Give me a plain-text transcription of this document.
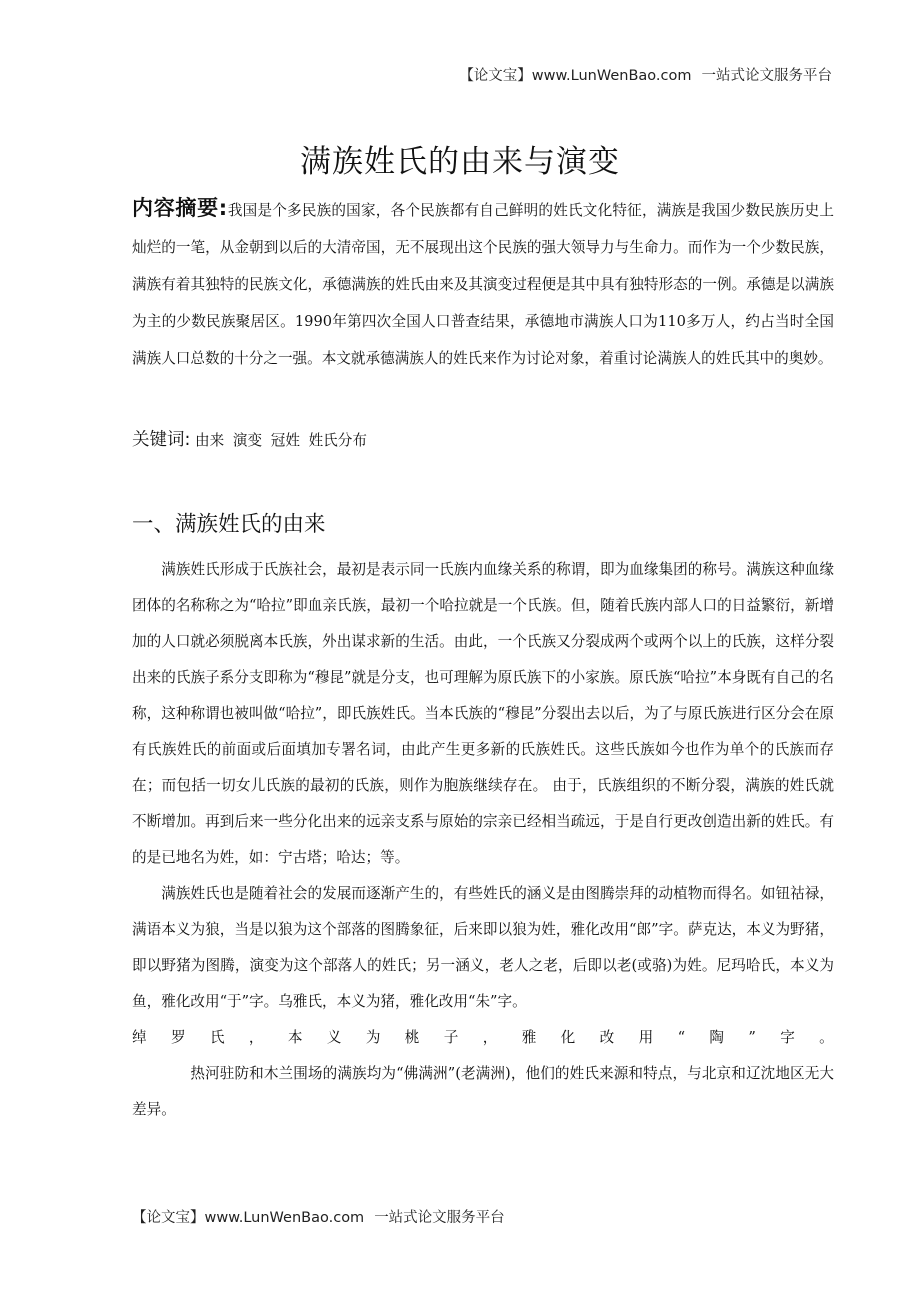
【论文宝】www.LunWenBao.com 一站式论文服务平台
满族姓氏的由来与演变

内容摘要:我国是个多民族的国家，各个民族都有自己鲜明的姓氏文化特征，满族是我国少数民族历史上灿烂的一笔，从金朝到以后的大清帝国，无不展现出这个民族的强大领导力与生命力。而作为一个少数民族，满族有着其独特的民族文化，承德满族的姓氏由来及其演变过程便是其中具有独特形态的一例。承德是以满族为主的少数民族聚居区。1990年第四次全国人口普查结果，承德地市满族人口为110多万人，约占当时全国满族人口总数的十分之一强。本文就承德满族人的姓氏来作为讨论对象，着重讨论满族人的姓氏其中的奥妙。

关键词: 由来 演变 冠姓 姓氏分布
一、满族姓氏的由来

满族姓氏形成于氏族社会，最初是表示同一氏族内血缘关系的称谓，即为血缘集团的称号。满族这种血缘团体的名称称之为“哈拉”即血亲氏族，最初一个哈拉就是一个氏族。但，随着氏族内部人口的日益繁衍，新增加的人口就必须脱离本氏族，外出谋求新的生活。由此，一个氏族又分裂成两个或两个以上的氏族，这样分裂出来的氏族子系分支即称为“穆昆”就是分支，也可理解为原氏族下的小家族。原氏族“哈拉”本身既有自己的名称，这种称谓也被叫做“哈拉”，即氏族姓氏。当本氏族的“穆昆”分裂出去以后，为了与原氏族进行区分会在原有氏族姓氏的前面或后面填加专署名词，由此产生更多新的氏族姓氏。这些氏族如今也作为单个的氏族而存在；而包括一切女儿氏族的最初的氏族，则作为胞族继续存在。 由于，氏族组织的不断分裂，满族的姓氏就不断增加。再到后来一些分化出来的远亲支系与原始的宗亲已经相当疏远，于是自行更改创造出新的姓氏。有的是已地名为姓，如：宁古塔；哈达；等。

满族姓氏也是随着社会的发展而逐渐产生的，有些姓氏的涵义是由图腾崇拜的动植物而得名。如钮祜禄，满语本义为狼，当是以狼为这个部落的图腾象征，后来即以狼为姓，雅化改用“郎”字。萨克达，本义为野猪，即以野猪为图腾，演变为这个部落人的姓氏；另一涵义，老人之老，后即以老(或骆)为姓。尼玛哈氏，本义为鱼，雅化改用“于”字。乌雅氏，本义为猪，雅化改用“朱”字。

绰 罗 氏 ， 本 义 为 桃 子 ， 雅 化 改 用 “ 陶 ” 字 。

热河驻防和木兰围场的满族均为“佛满洲”(老满洲)，他们的姓氏来源和特点，与北京和辽沈地区无大差异。

【论文宝】www.LunWenBao.com 一站式论文服务平台
